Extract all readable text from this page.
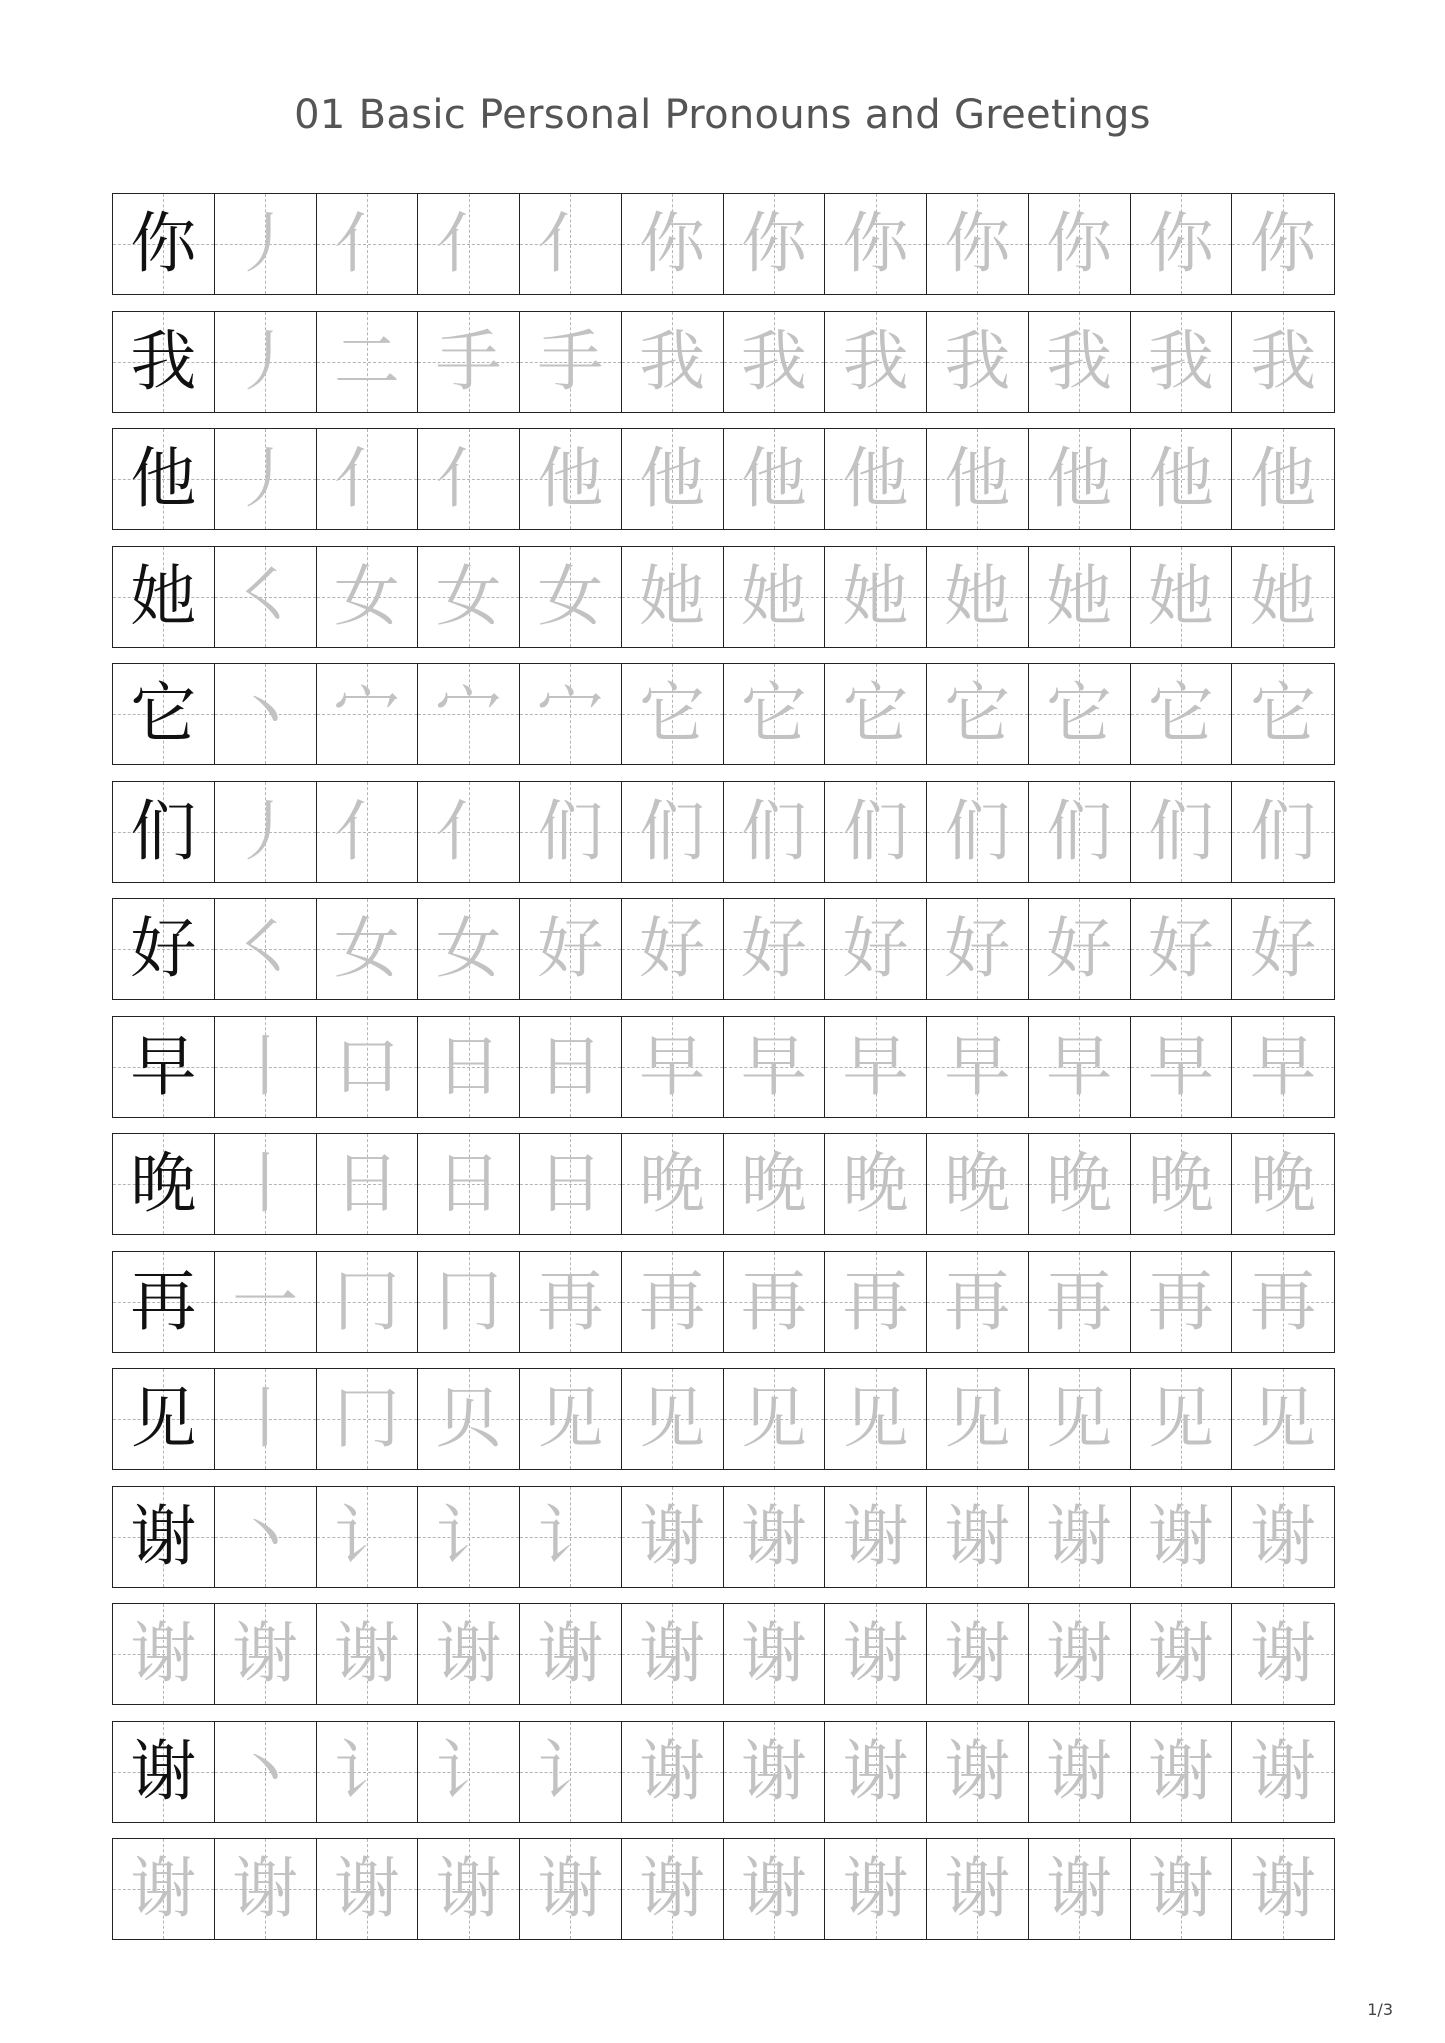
01 Basic Personal Pronouns and Greetings
你 丿 亻 亻 亻 你 你 你 你 你 你 你
我 丿 二 手 手 我 我 我 我 我 我 我
他 丿 亻 亻 他 他 他 他 他 他 他 他
她 ㇛ 女 女 女 她 她 她 她 她 她 她
它 丶 宀 宀 宀 它 它 它 它 它 它 它
们 丿 亻 亻 们 们 们 们 们 们 们 们
好 ㇛ 女 女 好 好 好 好 好 好 好 好
早 丨 口 日 日 早 早 早 早 早 早 早
晚 丨 日 日 日 晚 晚 晚 晚 晚 晚 晚
再 一 冂 冂 再 再 再 再 再 再 再 再
见 丨 冂 贝 见 见 见 见 见 见 见 见
谢 丶 讠 讠 讠 谢 谢 谢 谢 谢 谢 谢
谢 谢 谢 谢 谢 谢 谢 谢 谢 谢 谢 谢
谢 丶 讠 讠 讠 谢 谢 谢 谢 谢 谢 谢
谢 谢 谢 谢 谢 谢 谢 谢 谢 谢 谢 谢
1/3
